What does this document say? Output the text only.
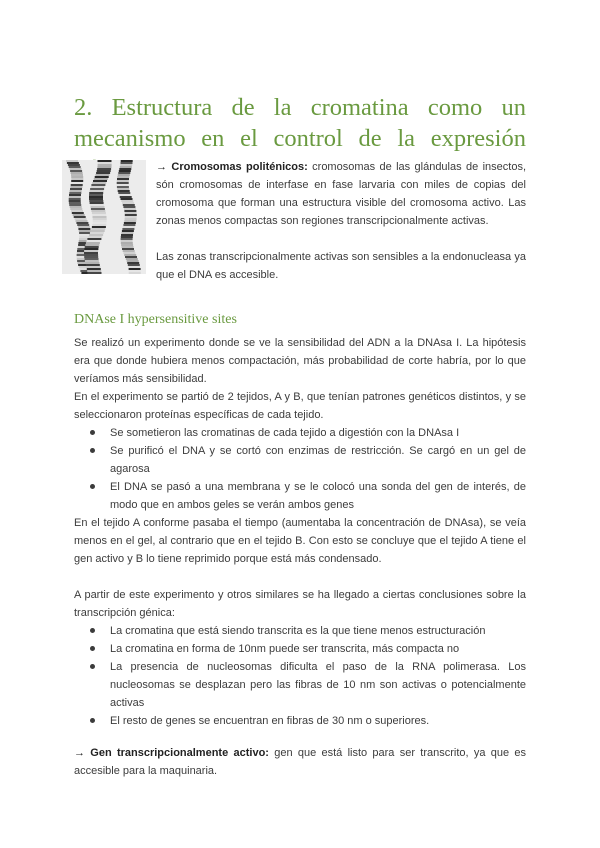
2. Estructura de la cromatina como un
mecanismo en el control de la expresión

→ Cromosomas politénicos: cromosomas de las glándulas de insectos, són cromosomas de interfase en fase larvaria con miles de copias del cromosoma que forman una estructura visible del cromosoma activo. Las zonas menos compactas son regiones transcripcionalmente activas.

Las zonas transcripcionalmente activas son sensibles a la endonucleasa ya que el DNA es accesible.

DNAse I hypersensitive sites

Se realizó un experimento donde se ve la sensibilidad del ADN a la DNAsa I. La hipótesis era que donde hubiera menos compactación, más probabilidad de corte habría, por lo que veríamos más sensibilidad.

En el experimento se partió de 2 tejidos, A y B, que tenían patrones genéticos distintos, y se seleccionaron proteínas específicas de cada tejido.

Se sometieron las cromatinas de cada tejido a digestión con la DNAsa I
Se purificó el DNA y se cortó con enzimas de restricción. Se cargó en un gel de agarosa
El DNA se pasó a una membrana y se le colocó una sonda del gen de interés, de modo que en ambos geles se verán ambos genes

En el tejido A conforme pasaba el tiempo (aumentaba la concentración de DNAsa), se veía menos en el gel, al contrario que en el tejido B. Con esto se concluye que el tejido A tiene el gen activo y B lo tiene reprimido porque está más condensado.

A partir de este experimento y otros similares se ha llegado a ciertas conclusiones sobre la transcripción génica:

La cromatina que está siendo transcrita es la que tiene menos estructuración
La cromatina en forma de 10nm puede ser transcrita, más compacta no
La presencia de nucleosomas dificulta el paso de la RNA polimerasa. Los nucleosomas se desplazan pero las fibras de 10 nm son activas o potencialmente activas
El resto de genes se encuentran en fibras de 30 nm o superiores.

→ Gen transcripcionalmente activo: gen que está listo para ser transcrito, ya que es accesible para la maquinaria.
